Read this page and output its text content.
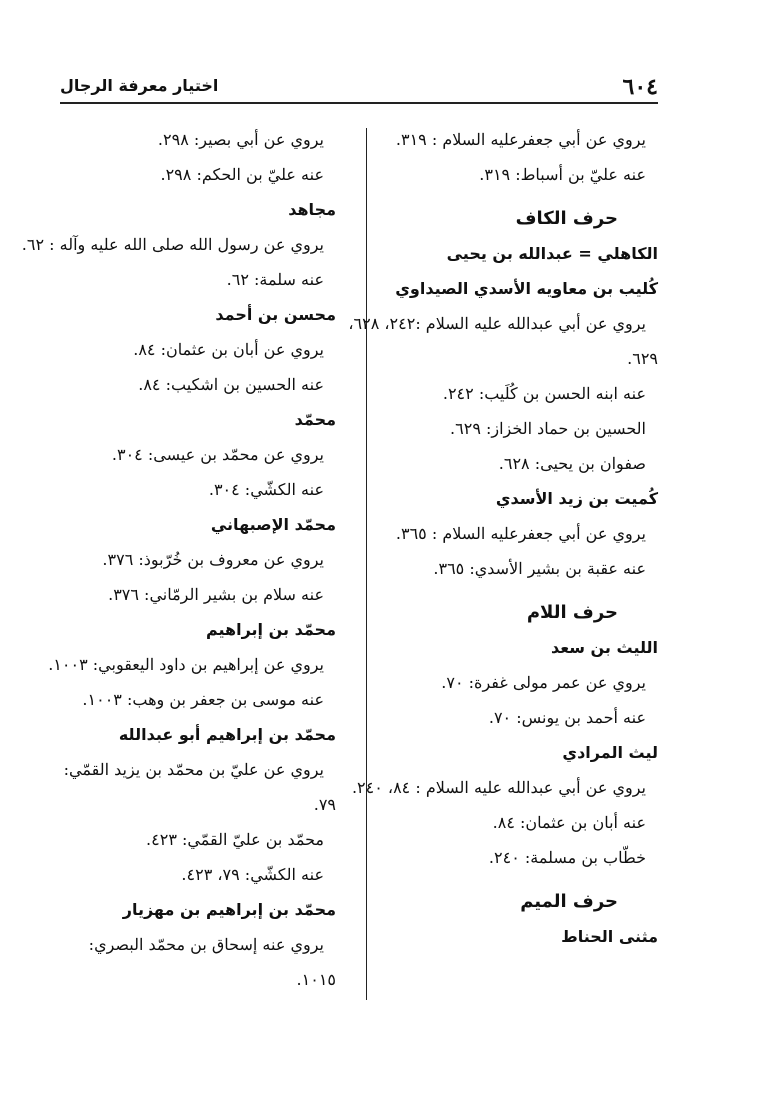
٦٠٤
اختيار معرفة الرجال
يروي عن أبي جعفرعليه السلام : ٣١٩.
عنه عليّ بن أسباط: ٣١٩.
حرف الكاف
الكاهلي = عبدالله بن يحيى
كُليب بن معاويه الأسدي الصيداوي
يروي عن أبي عبدالله عليه السلام :٢٤٢، ٦٢٨،
٦٢٩.
عنه ابنه الحسن بن كُلَيب: ٢٤٢.
الحسين بن حماد الخزاز: ٦٢٩.
صفوان بن يحيى: ٦٢٨.
كُميت بن زيد الأسدي
يروي عن أبي جعفرعليه السلام : ٣٦٥.
عنه عقبة بن بشير الأسدي: ٣٦٥.
حرف اللام
الليث بن سعد
يروي عن عمر مولى غفرة: ٧٠.
عنه أحمد بن يونس: ٧٠.
ليث المرادي
يروي عن أبي عبدالله عليه السلام : ٨٤، ٢٤٠.
عنه أبان بن عثمان: ٨٤.
خطّاب بن مسلمة: ٢٤٠.
حرف الميم
مثنى الحناط
يروي عن أبي بصير: ٢٩٨.
عنه عليّ بن الحكم: ٢٩٨.
مجاهد
يروي عن رسول الله صلى الله عليه وآله : ٦٢.
عنه سلمة: ٦٢.
محسن بن أحمد
يروي عن أبان بن عثمان: ٨٤.
عنه الحسين بن اشكيب: ٨٤.
محمّد
يروي عن محمّد بن عيسى: ٣٠٤.
عنه الكشّي: ٣٠٤.
محمّد الإصبهاني
يروي عن معروف بن خُرّبوذ: ٣٧٦.
عنه سلام بن بشير الرمّاني: ٣٧٦.
محمّد بن إبراهيم
يروي عن إبراهيم بن داود اليعقوبي: ١٠٠٣.
عنه موسى بن جعفر بن وهب: ١٠٠٣.
محمّد بن إبراهيم أبو عبدالله
يروي عن عليّ بن محمّد بن يزيد القمّي:
٧٩.
محمّد بن عليّ القمّي: ٤٢٣.
عنه الكشّي: ٧٩، ٤٢٣.
محمّد بن إبراهيم بن مهزيار
يروي عنه إسحاق بن محمّد البصري:
١٠١٥.
